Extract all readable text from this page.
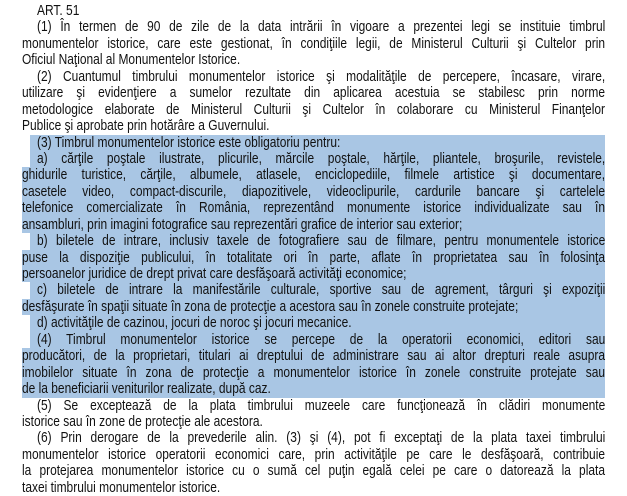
ART. 51
(1) În termen de 90 de zile de la data intrării în vigoare a prezentei legi se instituie timbrul
monumentelor istorice, care este gestionat, în condiţiile legii, de Ministerul Culturii şi Cultelor prin
Oficiul Naţional al Monumentelor Istorice.
(2) Cuantumul timbrului monumentelor istorice şi modalităţile de percepere, încasare, virare,
utilizare şi evidenţiere a sumelor rezultate din aplicarea acestuia se stabilesc prin norme
metodologice elaborate de Ministerul Culturii şi Cultelor în colaborare cu Ministerul Finanţelor
Publice şi aprobate prin hotărâre a Guvernului.
(3) Timbrul monumentelor istorice este obligatoriu pentru:
a) cărţile poştale ilustrate, plicurile, mărcile poştale, hărţile, pliantele, broşurile, revistele,
ghidurile turistice, cărţile, albumele, atlasele, enciclopediile, filmele artistice şi documentare,
casetele video, compact-discurile, diapozitivele, videoclipurile, cardurile bancare şi cartelele
telefonice comercializate în România, reprezentând monumente istorice individualizate sau în
ansambluri, prin imagini fotografice sau reprezentări grafice de interior sau exterior;
b) biletele de intrare, inclusiv taxele de fotografiere sau de filmare, pentru monumentele istorice
puse la dispoziţie publicului, în totalitate ori în parte, aflate în proprietatea sau în folosinţa
persoanelor juridice de drept privat care desfăşoară activităţi economice;
c) biletele de intrare la manifestările culturale, sportive sau de agrement, târguri şi expoziţii
desfăşurate în spaţii situate în zona de protecţie a acestora sau în zonele construite protejate;
d) activităţile de cazinou, jocuri de noroc şi jocuri mecanice.
(4) Timbrul monumentelor istorice se percepe de la operatorii economici, editori sau
producători, de la proprietari, titulari ai dreptului de administrare sau ai altor drepturi reale asupra
imobilelor situate în zona de protecţie a monumentelor istorice în zonele construite protejate sau
de la beneficiarii veniturilor realizate, după caz.
(5) Se exceptează de la plata timbrului muzeele care funcţionează în clădiri monumente
istorice sau în zone de protecţie ale acestora.
(6) Prin derogare de la prevederile alin. (3) şi (4), pot fi exceptaţi de la plata taxei timbrului
monumentelor istorice operatorii economici care, prin activităţile pe care le desfăşoară, contribuie
la protejarea monumentelor istorice cu o sumă cel puţin egală celei pe care o datorează la plata
taxei timbrului monumentelor istorice.
